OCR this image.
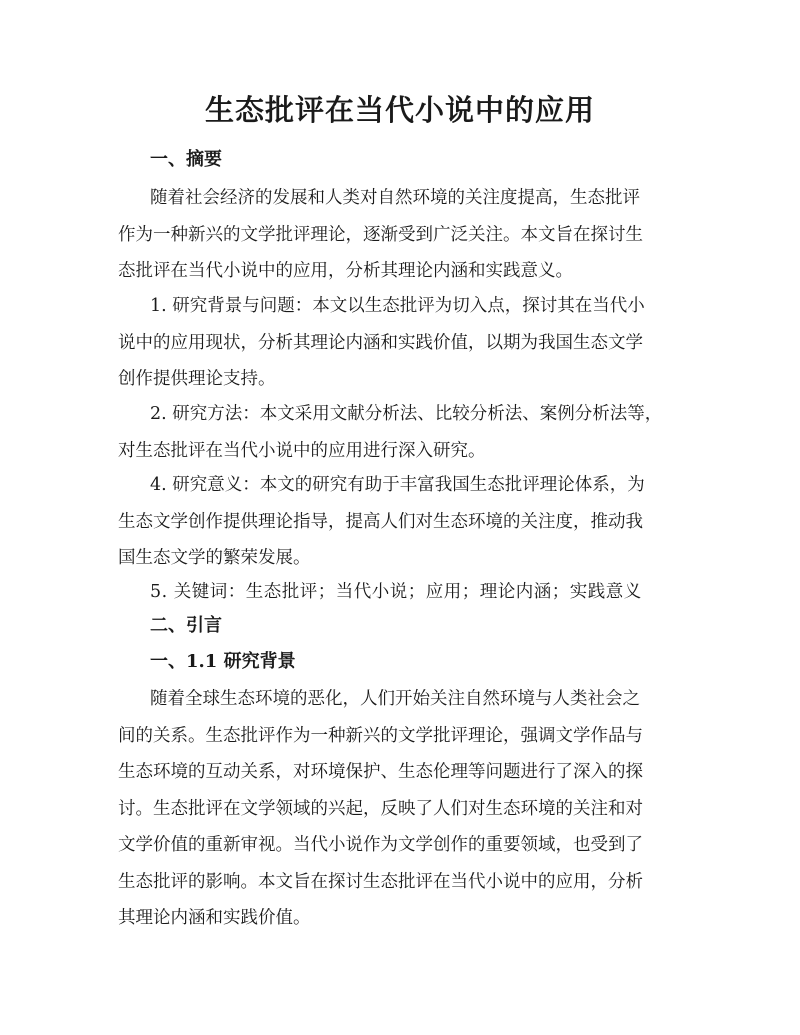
生态批评在当代小说中的应用
一、摘要
随着社会经济的发展和人类对自然环境的关注度提高，生态批评
作为一种新兴的文学批评理论，逐渐受到广泛关注。本文旨在探讨生
态批评在当代小说中的应用，分析其理论内涵和实践意义。
1. 研究背景与问题：本文以生态批评为切入点，探讨其在当代小
说中的应用现状，分析其理论内涵和实践价值，以期为我国生态文学
创作提供理论支持。
2. 研究方法：本文采用文献分析法、比较分析法、案例分析法等，
对生态批评在当代小说中的应用进行深入研究。
4. 研究意义：本文的研究有助于丰富我国生态批评理论体系，为
生态文学创作提供理论指导，提高人们对生态环境的关注度，推动我
国生态文学的繁荣发展。
5. 关键词：生态批评；当代小说；应用；理论内涵；实践意义
二、引言
一、1.1 研究背景
随着全球生态环境的恶化，人们开始关注自然环境与人类社会之
间的关系。生态批评作为一种新兴的文学批评理论，强调文学作品与
生态环境的互动关系，对环境保护、生态伦理等问题进行了深入的探
讨。生态批评在文学领域的兴起，反映了人们对生态环境的关注和对
文学价值的重新审视。当代小说作为文学创作的重要领域，也受到了
生态批评的影响。本文旨在探讨生态批评在当代小说中的应用，分析
其理论内涵和实践价值。
